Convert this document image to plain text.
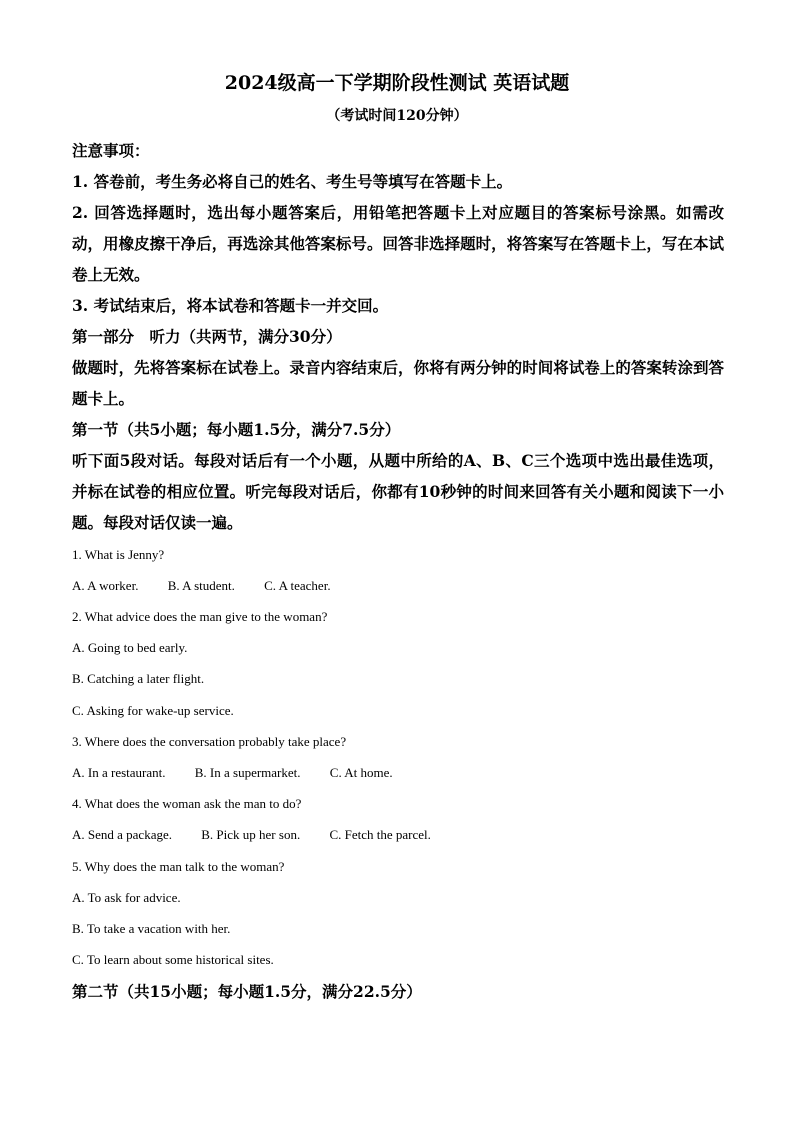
2024级高一下学期阶段性测试 英语试题
（考试时间120分钟）
注意事项：
1. 答卷前，考生务必将自己的姓名、考生号等填写在答题卡上。
2. 回答选择题时，选出每小题答案后，用铅笔把答题卡上对应题目的答案标号涂黑。如需改动，用橡皮擦干净后，再选涂其他答案标号。回答非选择题时，将答案写在答题卡上，写在本试卷上无效。
3. 考试结束后，将本试卷和答题卡一并交回。
第一部分　听力（共两节，满分30分）
做题时，先将答案标在试卷上。录音内容结束后，你将有两分钟的时间将试卷上的答案转涂到答题卡上。
第一节（共5小题；每小题1.5分，满分7.5分）
听下面5段对话。每段对话后有一个小题，从题中所给的A、B、C三个选项中选出最佳选项，并标在试卷的相应位置。听完每段对话后，你都有10秒钟的时间来回答有关小题和阅读下一小题。每段对话仅读一遍。
1. What is Jenny?
A. A worker. B. A student. C. A teacher.
2. What advice does the man give to the woman?
A. Going to bed early.
B. Catching a later flight.
C. Asking for wake-up service.
3. Where does the conversation probably take place?
A. In a restaurant. B. In a supermarket. C. At home.
4. What does the woman ask the man to do?
A. Send a package. B. Pick up her son. C. Fetch the parcel.
5. Why does the man talk to the woman?
A. To ask for advice.
B. To take a vacation with her.
C. To learn about some historical sites.
第二节（共15小题；每小题1.5分，满分22.5分）
